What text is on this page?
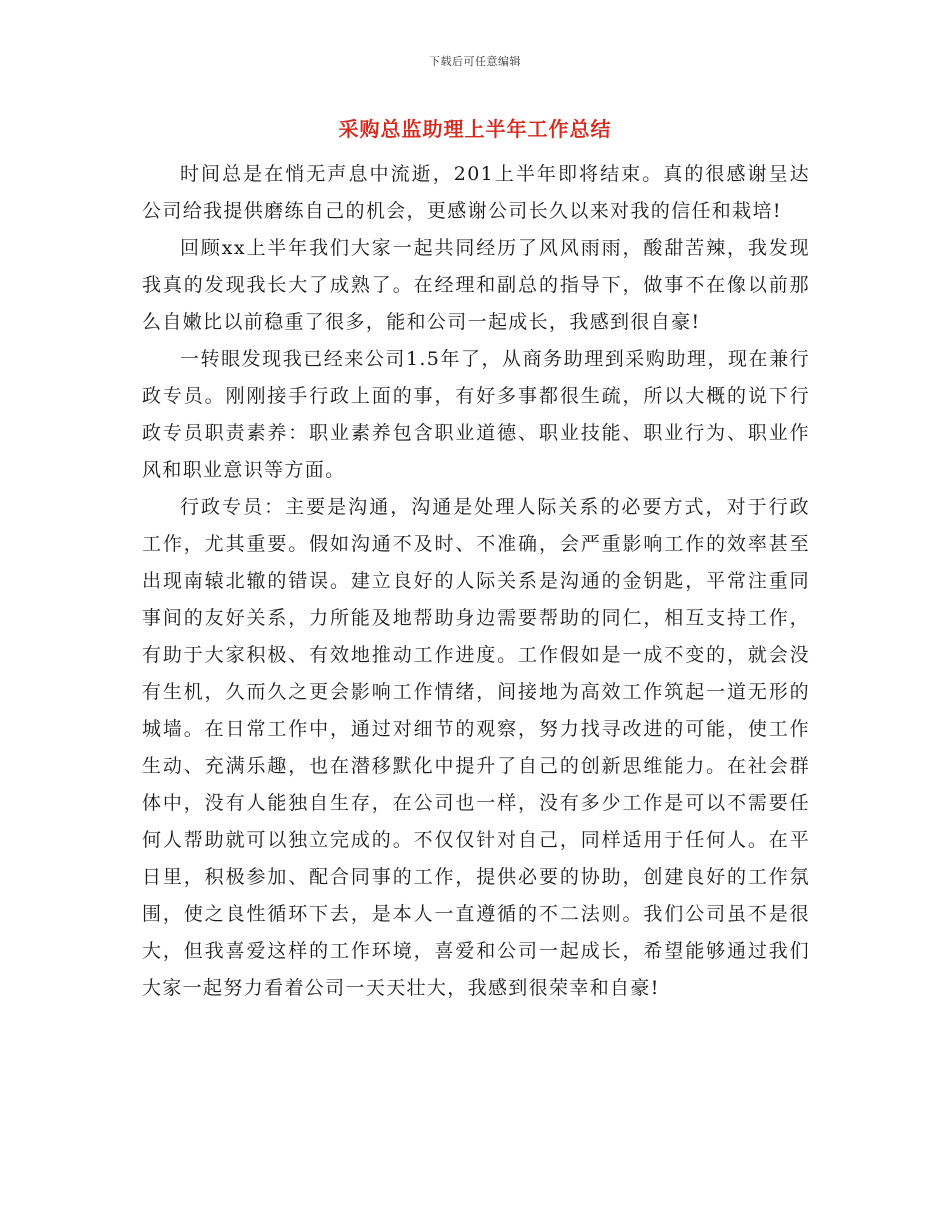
下载后可任意编辑
采购总监助理上半年工作总结

时间总是在悄无声息中流逝，201上半年即将结束。真的很感谢呈达公司给我提供磨练自己的机会，更感谢公司长久以来对我的信任和栽培!

回顾xx上半年我们大家一起共同经历了风风雨雨，酸甜苦辣，我发现我真的发现我长大了成熟了。在经理和副总的指导下，做事不在像以前那么自嫩比以前稳重了很多，能和公司一起成长，我感到很自豪!

一转眼发现我已经来公司1.5年了，从商务助理到采购助理，现在兼行政专员。刚刚接手行政上面的事，有好多事都很生疏，所以大概的说下行政专员职责素养：职业素养包含职业道德、职业技能、职业行为、职业作风和职业意识等方面。

行政专员：主要是沟通，沟通是处理人际关系的必要方式，对于行政工作，尤其重要。假如沟通不及时、不准确，会严重影响工作的效率甚至出现南辕北辙的错误。建立良好的人际关系是沟通的金钥匙，平常注重同事间的友好关系，力所能及地帮助身边需要帮助的同仁，相互支持工作，有助于大家积极、有效地推动工作进度。工作假如是一成不变的，就会没有生机，久而久之更会影响工作情绪，间接地为高效工作筑起一道无形的城墙。在日常工作中，通过对细节的观察，努力找寻改进的可能，使工作生动、充满乐趣，也在潜移默化中提升了自己的创新思维能力。在社会群体中，没有人能独自生存，在公司也一样，没有多少工作是可以不需要任何人帮助就可以独立完成的。不仅仅针对自己，同样适用于任何人。在平日里，积极参加、配合同事的工作，提供必要的协助，创建良好的工作氛围，使之良性循环下去，是本人一直遵循的不二法则。我们公司虽不是很大，但我喜爱这样的工作环境，喜爱和公司一起成长，希望能够通过我们大家一起努力看着公司一天天壮大，我感到很荣幸和自豪!
